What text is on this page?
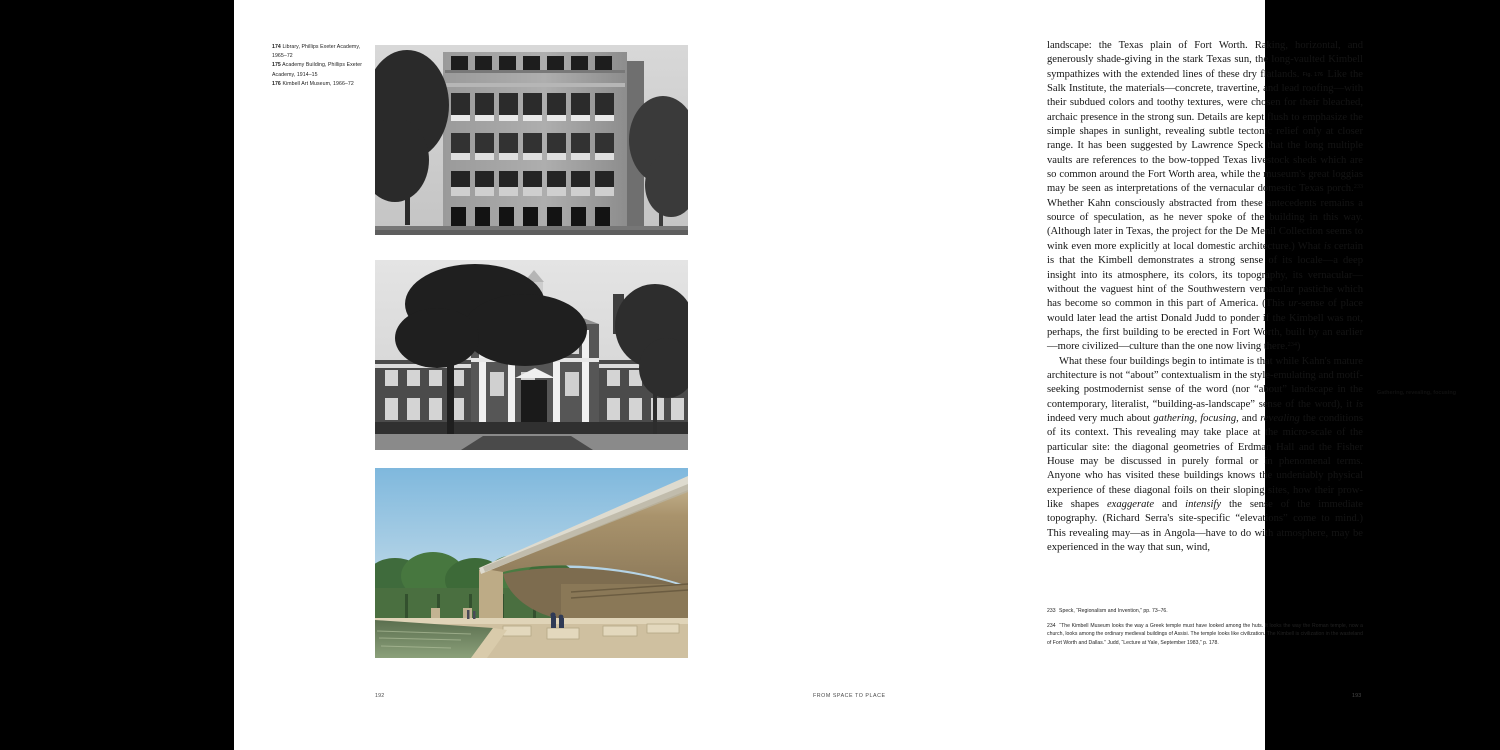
174 Library, Phillips Exeter Academy, 1965–72
175 Academy Building, Phillips Exeter Academy, 1914–15
176 Kimbell Art Museum, 1966–72

landscape: the Texas plain of Fort Worth. Raking, horizontal, and generously shade-giving in the stark Texas sun, the long-vaulted Kimbell sympathizes with the extended lines of these dry flatlands. Fig. 176 Like the Salk Institute, the materials—concrete, travertine, and lead roofing—with their subdued colors and toothy textures, were chosen for their bleached, archaic presence in the strong sun. Details are kept flush to emphasize the simple shapes in sunlight, revealing subtle tectonic relief only at closer range. It has been suggested by Lawrence Speck that the long multiple vaults are references to the bow-topped Texas livestock sheds which are so common around the Fort Worth area, while the museum's great loggias may be seen as interpretations of the vernacular domestic Texas porch.$^{233}$ Whether Kahn consciously abstracted from these antecedents remains a source of speculation, as he never spoke of the building in this way. (Although later in Texas, the project for the De Menil Collection seems to wink even more explicitly at local domestic architecture.) What is certain is that the Kimbell demonstrates a strong sense of its locale—a deep insight into its atmosphere, its colors, its topography, its vernacular—without the vaguest hint of the Southwestern vernacular pastiche which has become so common in this part of America. (This ur-sense of place would later lead the artist Donald Judd to ponder if the Kimbell was not, perhaps, the first building to be erected in Fort Worth, built by an earlier—more civilized—culture than the one now living there.$^{234}$)

What these four buildings begin to intimate is that while Kahn's mature architecture is not “about” contextualism in the style-emulating and motif-seeking postmodernist sense of the word (nor “about” landscape in the contemporary, literalist, “building-as-landscape” sense of the word), it is indeed very much about gathering, focusing, and revealing the conditions of its context. This revealing may take place at the micro-scale of the particular site: the diagonal geometries of Erdman Hall and the Fisher House may be discussed in purely formal or in phenomenal terms. Anyone who has visited these buildings knows the undeniably physical experience of these diagonal foils on their sloping sites, how their prow-like shapes exaggerate and intensify the sense of the immediate topography. (Richard Serra's site-specific “elevations” come to mind.) This revealing may—as in Angola—have to do with atmosphere, may be experienced in the way that sun, wind,

Gathering, revealing, focusing

233 Speck, “Regionalism and Invention,” pp. 73–76.

234 “The Kimbell Museum looks the way a Greek temple must have looked among the huts. It looks the way the Roman temple, now a church, looks among the ordinary medieval buildings of Assisi. The temple looks like civilization. The Kimbell is civilization in the wasteland of Fort Worth and Dallas.” Judd, “Lecture at Yale, September 1983,” p. 178.

192	FROM SPACE TO PLACE	193
